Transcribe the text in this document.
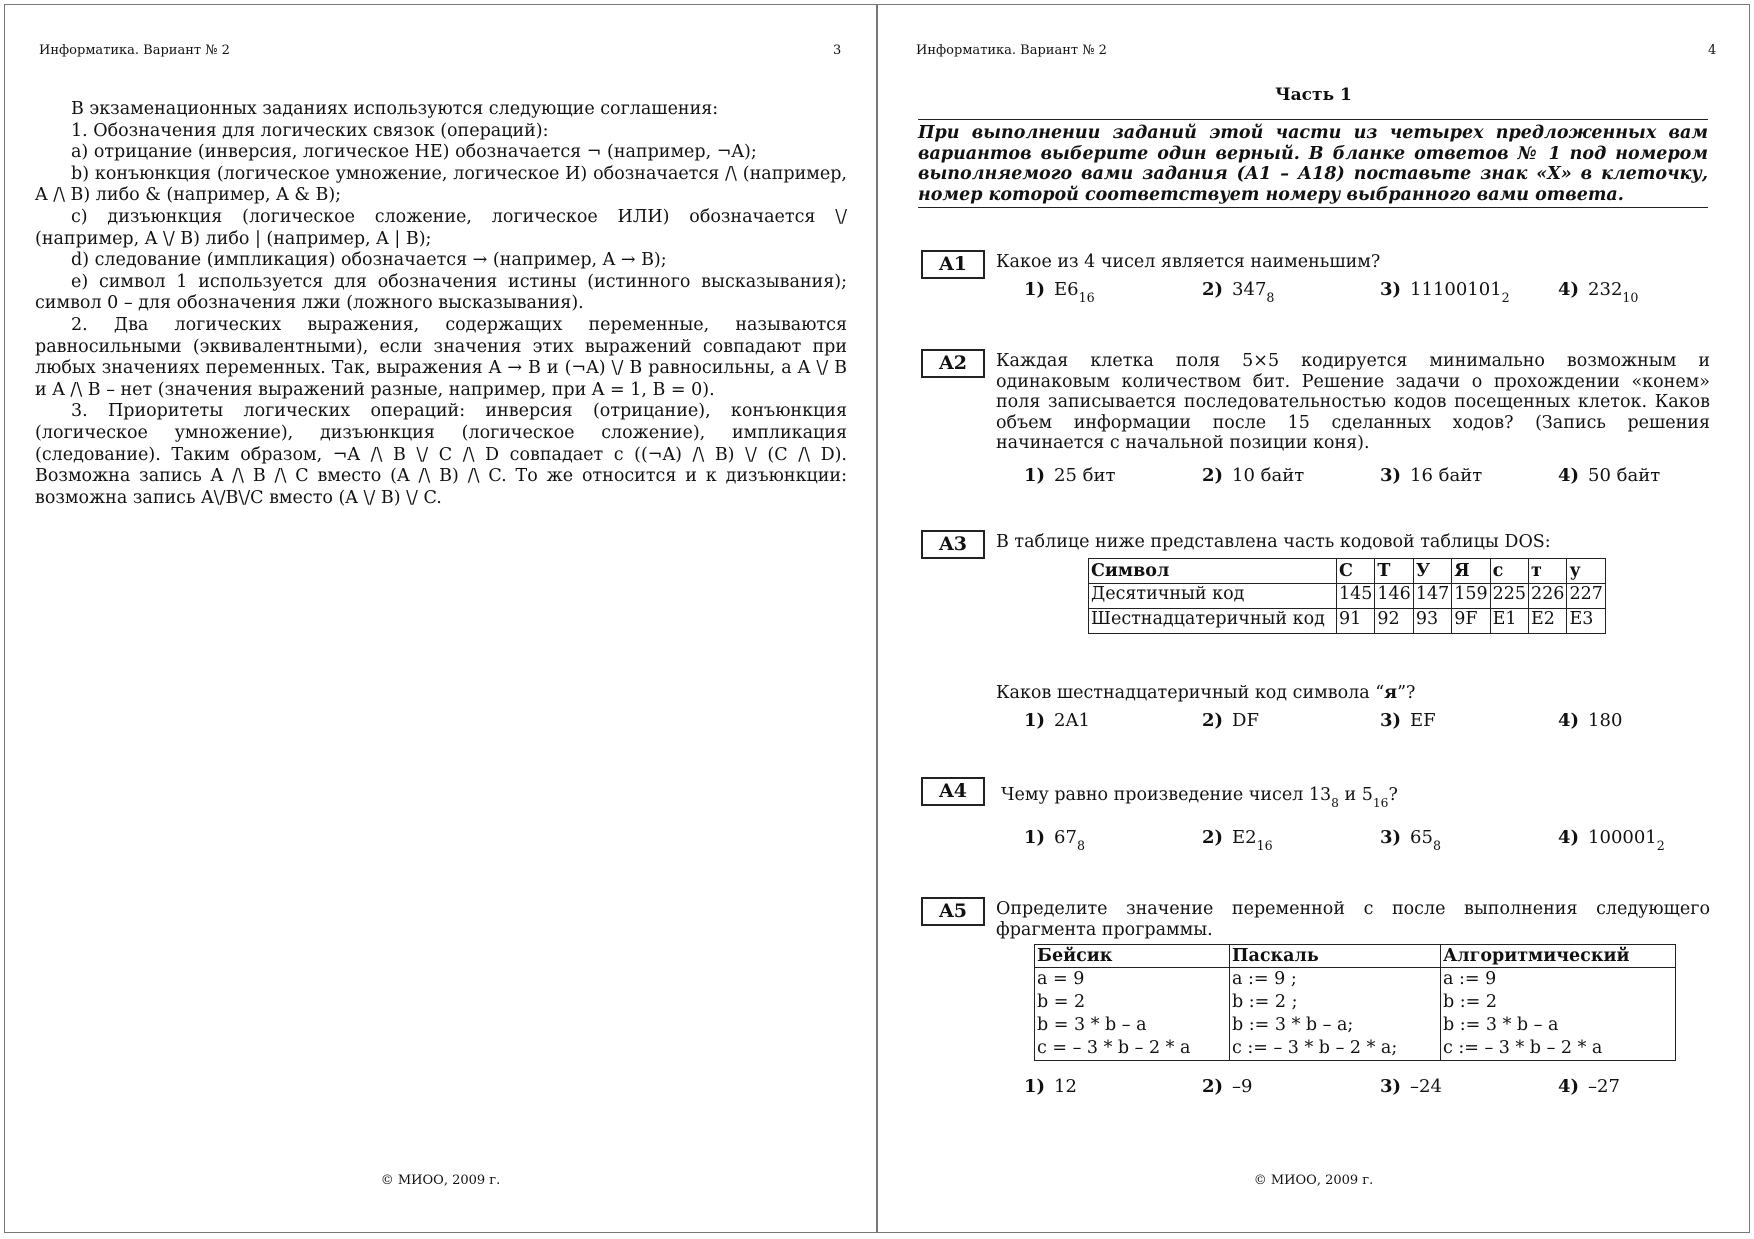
Информатика. Вариант № 2	3

В экзаменационных заданиях используются следующие соглашения:

1. Обозначения для логических связок (операций):

a) отрицание (инверсия, логическое НЕ) обозначается ¬ (например, ¬A);

b) конъюнкция (логическое умножение, логическое И) обозначается /\ (например, A /\ B) либо & (например, A & B);

c) дизъюнкция (логическое сложение, логическое ИЛИ) обозначается \/ (например, A \/ B) либо | (например, A | B);

d) следование (импликация) обозначается → (например, A → B);

e) символ 1 используется для обозначения истины (истинного высказывания); символ 0 – для обозначения лжи (ложного высказывания).

2. Два логических выражения, содержащих переменные, называются равносильными (эквивалентными), если значения этих выражений совпадают при любых значениях переменных. Так, выражения A → B и (¬A) \/ B равносильны, а A \/ B и A /\ B – нет (значения выражений разные, например, при A = 1, B = 0).

3. Приоритеты логических операций: инверсия (отрицание), конъюнкция (логическое умножение), дизъюнкция (логическое сложение), импликация (следование). Таким образом, ¬A /\ B \/ C /\ D совпадает с ((¬A) /\ B) \/ (C /\ D). Возможна запись A /\ B /\ C вместо (A /\ B) /\ C. То же относится и к дизъюнкции: возможна запись A\/B\/C вместо (A \/ B) \/ C.

© МИОО, 2009 г.
Информатика. Вариант № 2	4
Часть 1
При выполнении заданий этой части из четырех предложенных вам вариантов выберите один верный. В бланке ответов № 1 под номером выполняемого вами задания (А1 – А18) поставьте знак «Х» в клеточку, номер которой соответствует номеру выбранного вами ответа.
A1	Какое из 4 чисел является наименьшим?
1) $E6_{16}$	2) $347_8$	3) $11100101_2$	4) $232_{10}$
A2	Каждая клетка поля 5×5 кодируется минимально возможным и одинаковым количеством бит. Решение задачи о прохождении «конем» поля записывается последовательностью кодов посещенных клеток. Каков объем информации после 15 сделанных ходов? (Запись решения начинается с начальной позиции коня).
1) 25 бит	2) 10 байт	3) 16 байт	4) 50 байт
A3	В таблице ниже представлена часть кодовой таблицы DOS:
Символ	С	Т	У	Я	с	т	у
Десятичный код	145	146	147	159	225	226	227
Шестнадцатеричный код	91	92	93	9F	E1	E2	E3
Каков шестнадцатеричный код символа “я”?
1) 2A1	2) DF	3) EF	4) 180
A4	Чему равно произведение чисел $13_8$ и $5_{16}$?
1) $67_8$	2) $E2_{16}$	3) $65_8$	4) $100001_2$
A5	Определите значение переменной c после выполнения следующего фрагмента программы.
Бейсик	Паскаль	Алгоритмический
a = 9	a := 9 ;	a := 9
b = 2	b := 2 ;	b := 2
b = 3 * b – a	b := 3 * b – a;	b := 3 * b – a
c = – 3 * b – 2 * a	c := – 3 * b – 2 * a;	c := – 3 * b – 2 * a
1) 12	2) –9	3) –24	4) –27
© МИОО, 2009 г.
